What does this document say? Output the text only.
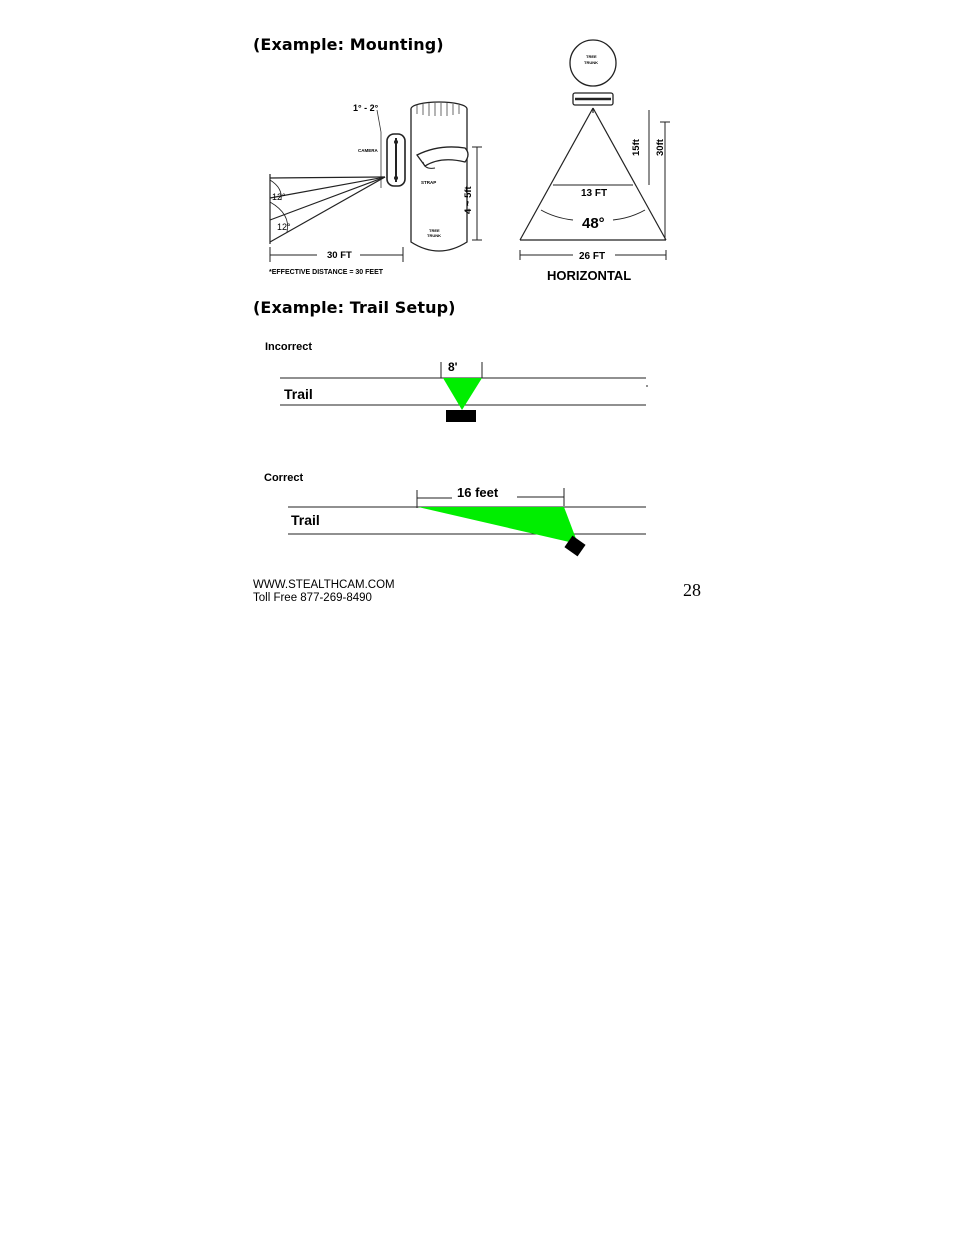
(Example: Mounting)
(Example: Trail Setup)
1° - 2°
CAMERA
STRAP
TREE
TRUNK
12°
12°
4 ~ 5ft
30 FT
*EFFECTIVE DISTANCE = 30 FEET
TREE
TRUNK
13 FT
48°
15ft 30ft
26 FT
HORIZONTAL
Incorrect
8'
Trail
Correct
16 feet
Trail
WWW.STEALTHCAM.COM
Toll Free 877-269-8490	28
